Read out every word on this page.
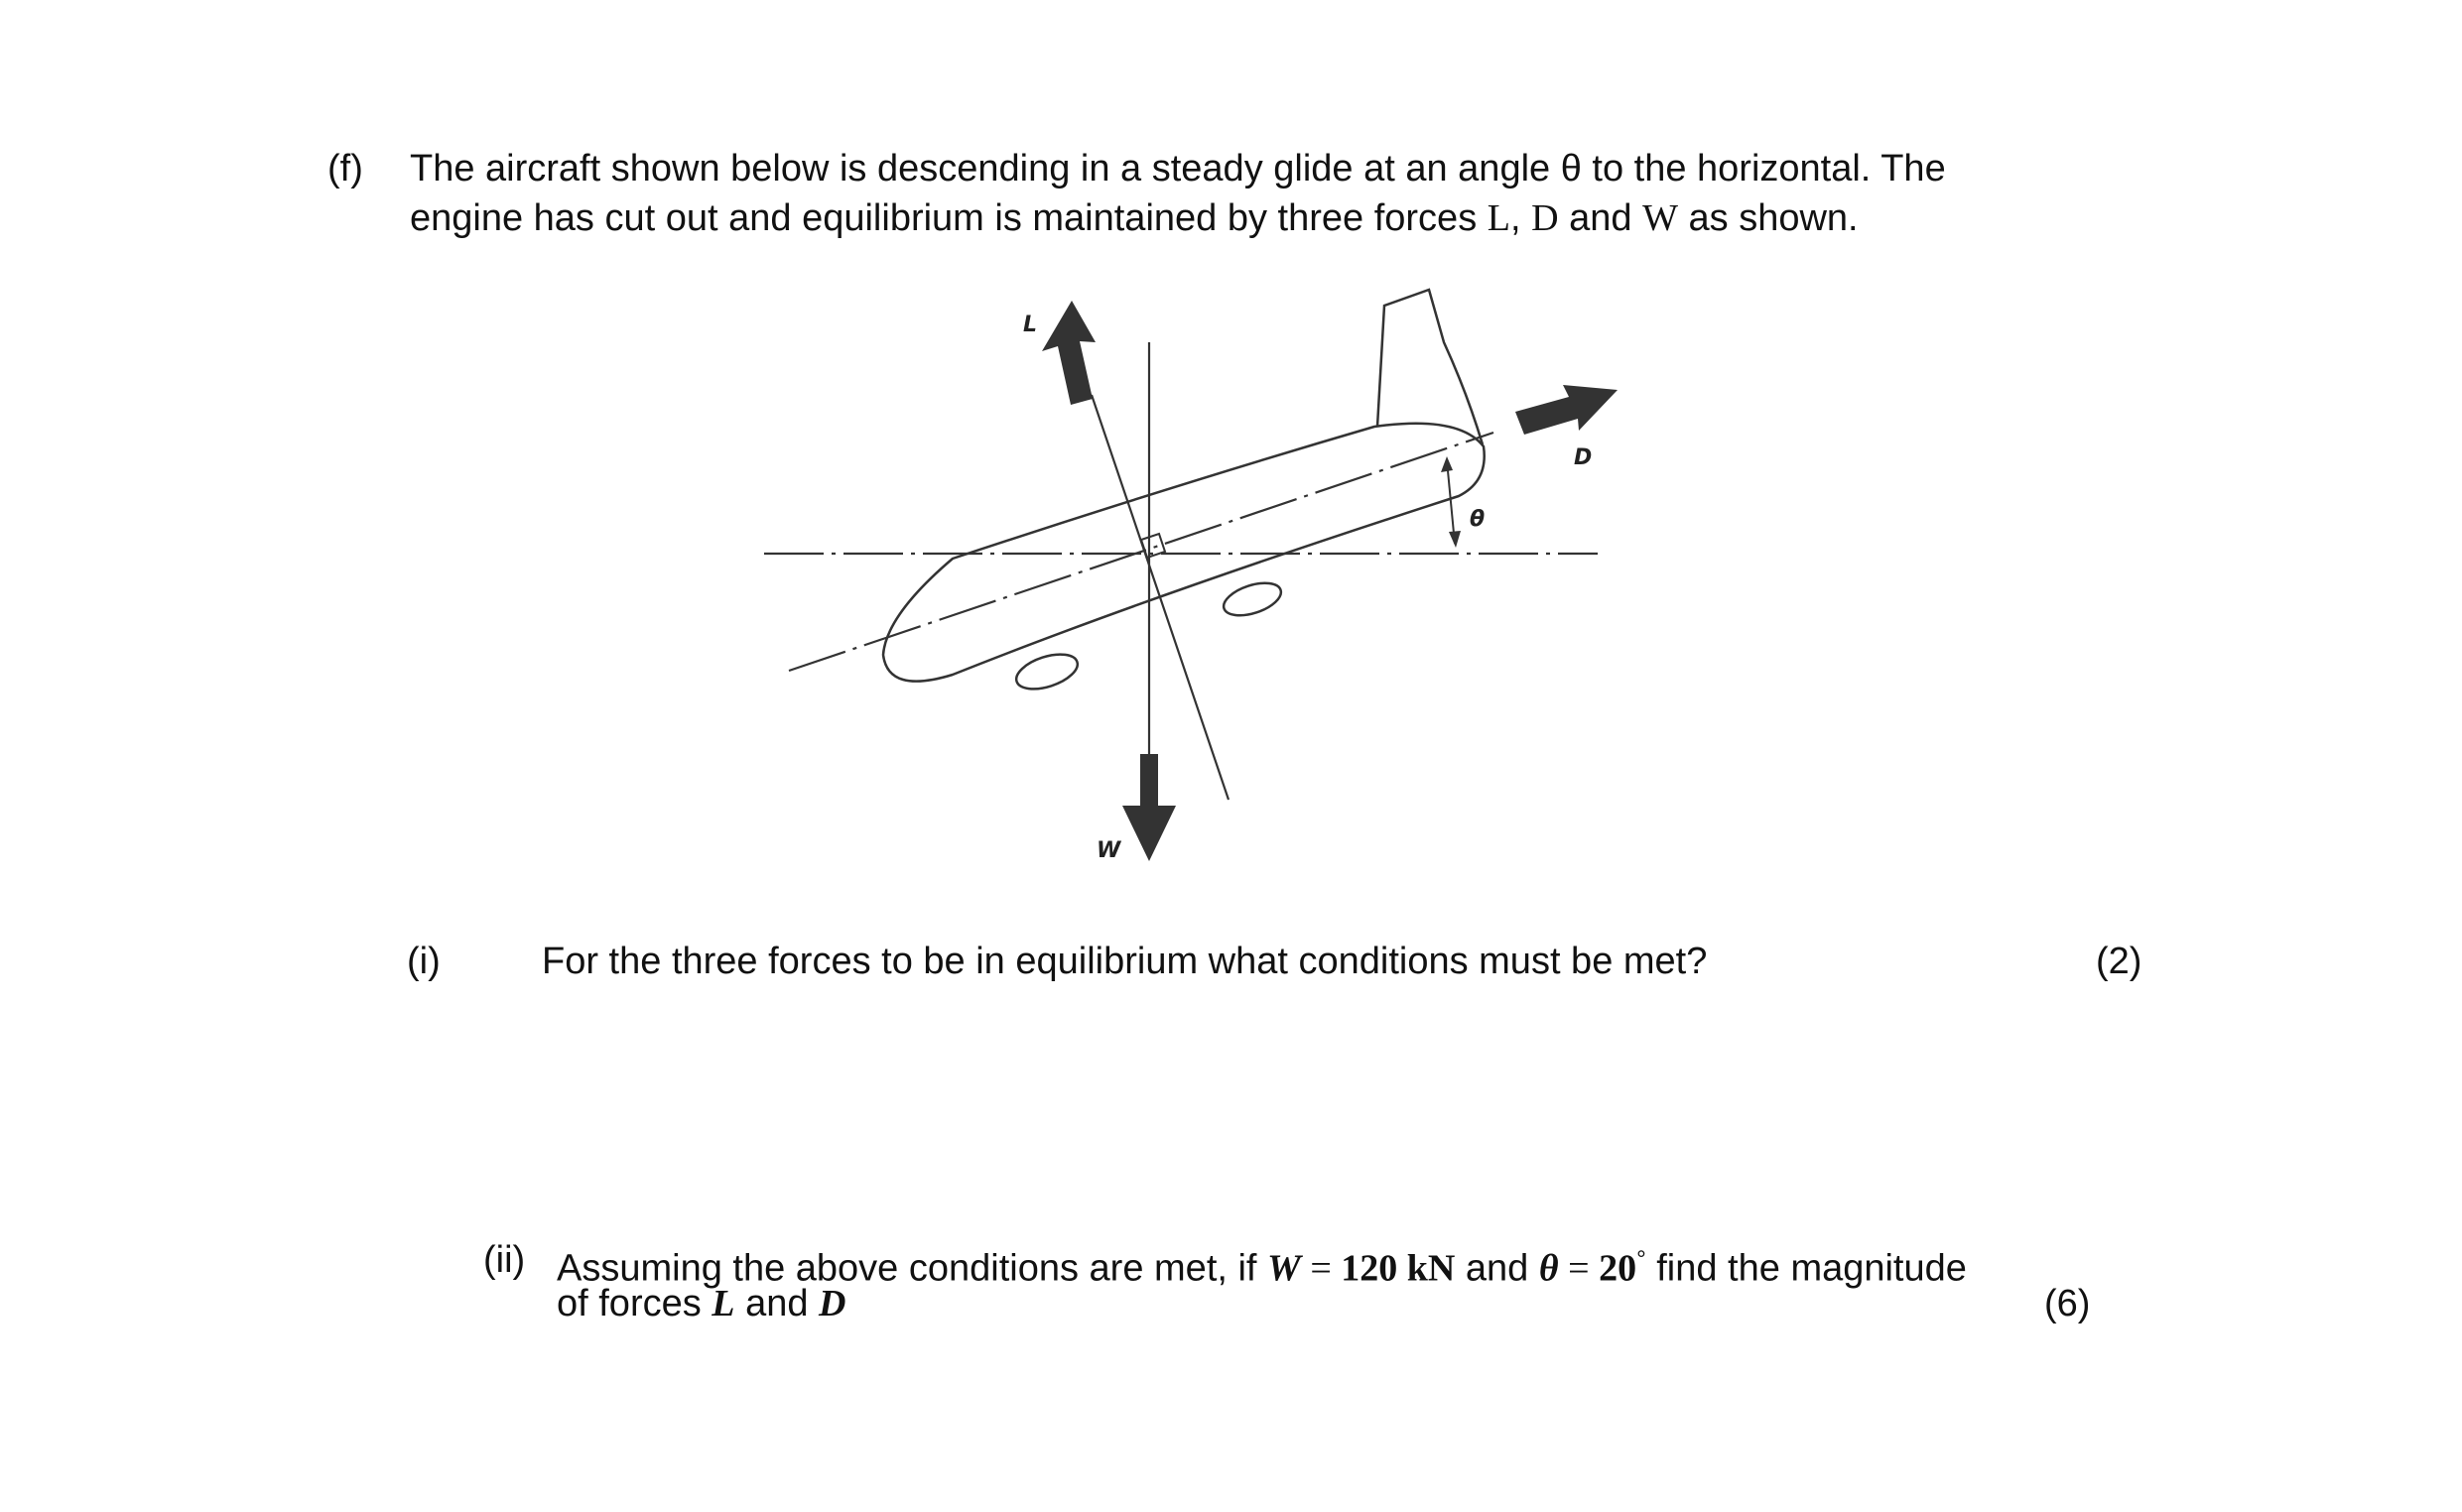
(f) The aircraft shown below is descending in a steady glide at an angle θ to the horizontal. The
engine has cut out and equilibrium is maintained by three forces L, D and W as shown.
L
D
W
θ
(i)	For the three forces to be in equilibrium what conditions must be met?	(2)
(ii) Assuming the above conditions are met, if W = 120 kN and θ = 20° find the magnitude
of forces L and D	(6)
